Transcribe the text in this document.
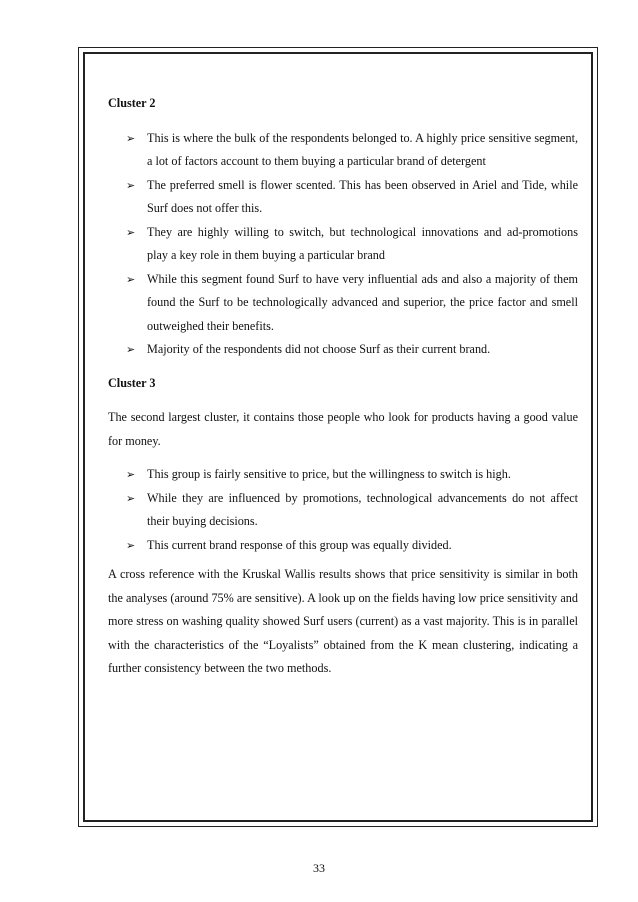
Cluster 2

➢ This is where the bulk of the respondents belonged to. A highly price sensitive segment, a lot of factors account to them buying a particular brand of detergent
➢ The preferred smell is flower scented. This has been observed in Ariel and Tide, while Surf does not offer this.
➢ They are highly willing to switch, but technological innovations and ad-promotions play a key role in them buying a particular brand
➢ While this segment found Surf to have very influential ads and also a majority of them found the Surf to be technologically advanced and superior, the price factor and smell outweighed their benefits.
➢ Majority of the respondents did not choose Surf as their current brand.

Cluster 3

The second largest cluster, it contains those people who look for products having a good value for money.

➢ This group is fairly sensitive to price, but the willingness to switch is high.
➢ While they are influenced by promotions, technological advancements do not affect their buying decisions.
➢ This current brand response of this group was equally divided.

A cross reference with the Kruskal Wallis results shows that price sensitivity is similar in both the analyses (around 75% are sensitive). A look up on the fields having low price sensitivity and more stress on washing quality showed Surf users (current) as a vast majority. This is in parallel with the characteristics of the “Loyalists” obtained from the K mean clustering, indicating a further consistency between the two methods.

33
